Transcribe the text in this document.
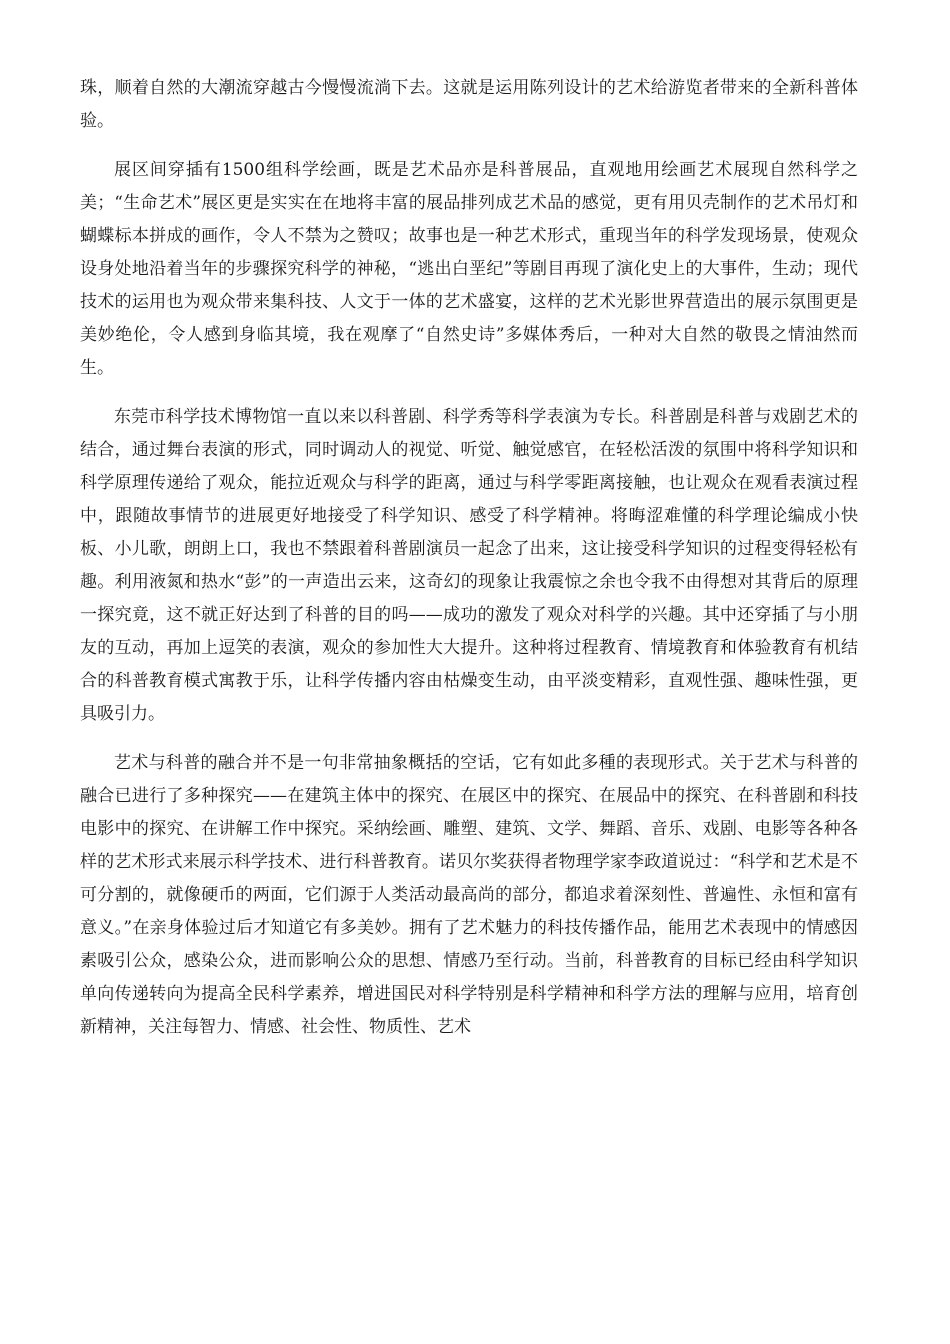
珠，顺着自然的大潮流穿越古今慢慢流淌下去。这就是运用陈列设计的艺术给游览者带来的全新科普体验。

展区间穿插有1500组科学绘画，既是艺术品亦是科普展品，直观地用绘画艺术展现自然科学之美；“生命艺术”展区更是实实在在地将丰富的展品排列成艺术品的感觉，更有用贝壳制作的艺术吊灯和蝴蝶标本拼成的画作，令人不禁为之赞叹；故事也是一种艺术形式，重现当年的科学发现场景，使观众设身处地沿着当年的步骤探究科学的神秘，“逃出白垩纪”等剧目再现了演化史上的大事件，生动；现代技术的运用也为观众带来集科技、人文于一体的艺术盛宴，这样的艺术光影世界营造出的展示氛围更是美妙绝伦，令人感到身临其境，我在观摩了“自然史诗”多媒体秀后，一种对大自然的敬畏之情油然而生。

东莞市科学技术博物馆一直以来以科普剧、科学秀等科学表演为专长。科普剧是科普与戏剧艺术的结合，通过舞台表演的形式，同时调动人的视觉、听觉、触觉感官，在轻松活泼的氛围中将科学知识和科学原理传递给了观众，能拉近观众与科学的距离，通过与科学零距离接触，也让观众在观看表演过程中，跟随故事情节的进展更好地接受了科学知识、感受了科学精神。将晦涩难懂的科学理论编成小快板、小儿歌，朗朗上口，我也不禁跟着科普剧演员一起念了出来，这让接受科学知识的过程变得轻松有趣。利用液氮和热水“彭”的一声造出云来，这奇幻的现象让我震惊之余也令我不由得想对其背后的原理一探究竟，这不就正好达到了科普的目的吗——成功的激发了观众对科学的兴趣。其中还穿插了与小朋友的互动，再加上逗笑的表演，观众的参加性大大提升。这种将过程教育、情境教育和体验教育有机结合的科普教育模式寓教于乐，让科学传播内容由枯燥变生动，由平淡变精彩，直观性强、趣味性强，更具吸引力。

艺术与科普的融合并不是一句非常抽象概括的空话，它有如此多種的表现形式。关于艺术与科普的融合已进行了多种探究——在建筑主体中的探究、在展区中的探究、在展品中的探究、在科普剧和科技电影中的探究、在讲解工作中探究。采纳绘画、雕塑、建筑、文学、舞蹈、音乐、戏剧、电影等各种各样的艺术形式来展示科学技术、进行科普教育。诺贝尔奖获得者物理学家李政道说过：“科学和艺术是不可分割的，就像硬币的两面，它们源于人类活动最高尚的部分，都追求着深刻性、普遍性、永恒和富有意义。”在亲身体验过后才知道它有多美妙。拥有了艺术魅力的科技传播作品，能用艺术表现中的情感因素吸引公众，感染公众，进而影响公众的思想、情感乃至行动。当前，科普教育的目标已经由科学知识单向传递转向为提高全民科学素养，增进国民对科学特别是科学精神和科学方法的理解与应用，培育创新精神，关注每智力、情感、社会性、物质性、艺术
